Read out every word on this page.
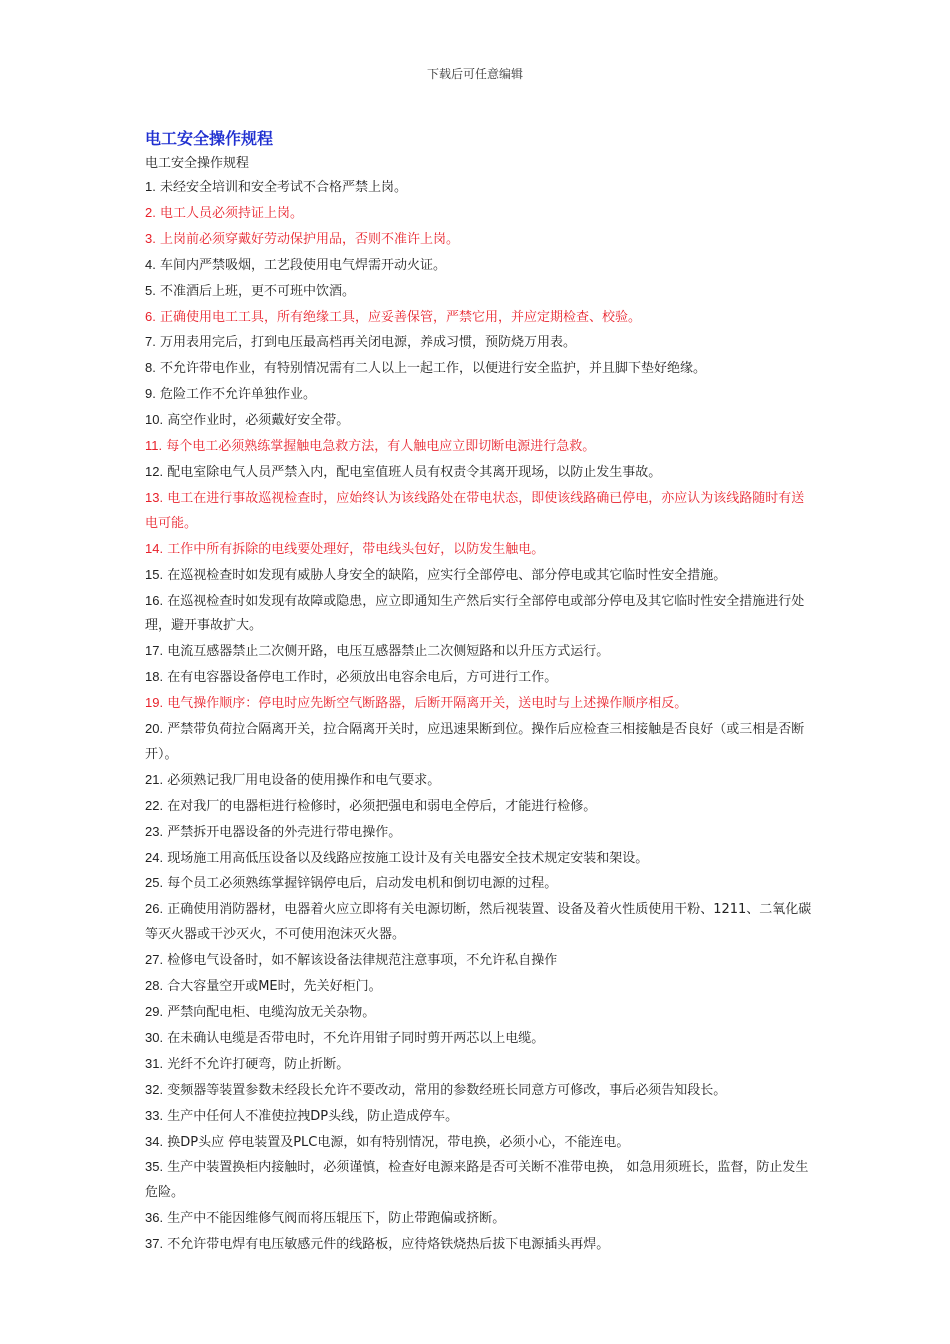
下载后可任意编辑
电工安全操作规程
电工安全操作规程
1. 未经安全培训和安全考试不合格严禁上岗。
2. 电工人员必须持证上岗。
3. 上岗前必须穿戴好劳动保护用品，否则不准许上岗。
4. 车间内严禁吸烟，工艺段使用电气焊需开动火证。
5. 不准酒后上班，更不可班中饮酒。
6. 正确使用电工工具，所有绝缘工具，应妥善保管，严禁它用，并应定期检查、校验。
7. 万用表用完后，打到电压最高档再关闭电源，养成习惯，预防烧万用表。
8. 不允许带电作业，有特别情况需有二人以上一起工作，以便进行安全监护，并且脚下垫好绝缘。
9. 危险工作不允许单独作业。
10. 高空作业时，必须戴好安全带。
11. 每个电工必须熟练掌握触电急救方法，有人触电应立即切断电源进行急救。
12. 配电室除电气人员严禁入内，配电室值班人员有权责令其离开现场，以防止发生事故。
13. 电工在进行事故巡视检查时，应始终认为该线路处在带电状态，即使该线路确已停电，亦应认为该线路随时有送电可能。
14. 工作中所有拆除的电线要处理好，带电线头包好，以防发生触电。
15. 在巡视检查时如发现有威胁人身安全的缺陷，应实行全部停电、部分停电或其它临时性安全措施。
16. 在巡视检查时如发现有故障或隐患，应立即通知生产然后实行全部停电或部分停电及其它临时性安全措施进行处理，避开事故扩大。
17. 电流互感器禁止二次侧开路，电压互感器禁止二次侧短路和以升压方式运行。
18. 在有电容器设备停电工作时，必须放出电容余电后，方可进行工作。
19. 电气操作顺序：停电时应先断空气断路器，后断开隔离开关，送电时与上述操作顺序相反。
20. 严禁带负荷拉合隔离开关，拉合隔离开关时，应迅速果断到位。操作后应检查三相接触是否良好（或三相是否断开）。
21. 必须熟记我厂用电设备的使用操作和电气要求。
22. 在对我厂的电器柜进行检修时，必须把强电和弱电全停后，才能进行检修。
23. 严禁拆开电器设备的外壳进行带电操作。
24. 现场施工用高低压设备以及线路应按施工设计及有关电器安全技术规定安装和架设。
25. 每个员工必须熟练掌握锌锅停电后，启动发电机和倒切电源的过程。
26. 正确使用消防器材，电器着火应立即将有关电源切断，然后视装置、设备及着火性质使用干粉、1211、二氧化碳等灭火器或干沙灭火，不可使用泡沫灭火器。
27. 检修电气设备时，如不解该设备法律规范注意事项，不允许私自操作
28. 合大容量空开或ME时，先关好柜门。
29. 严禁向配电柜、电缆沟放无关杂物。
30. 在未确认电缆是否带电时，不允许用钳子同时剪开两芯以上电缆。
31. 光纤不允许打硬弯，防止折断。
32. 变频器等装置参数未经段长允许不要改动，常用的参数经班长同意方可修改，事后必须告知段长。
33. 生产中任何人不准使拉拽DP头线，防止造成停车。
34. 换DP头应 停电装置及PLC电源，如有特别情况，带电换，必须小心，不能连电。
35. 生产中装置换柜内接触时，必须谨慎，检查好电源来路是否可关断不准带电换， 如急用须班长，监督，防止发生危险。
36. 生产中不能因维修气阀而将压辊压下，防止带跑偏或挤断。
37. 不允许带电焊有电压敏感元件的线路板，应待烙铁烧热后拔下电源插头再焊。
